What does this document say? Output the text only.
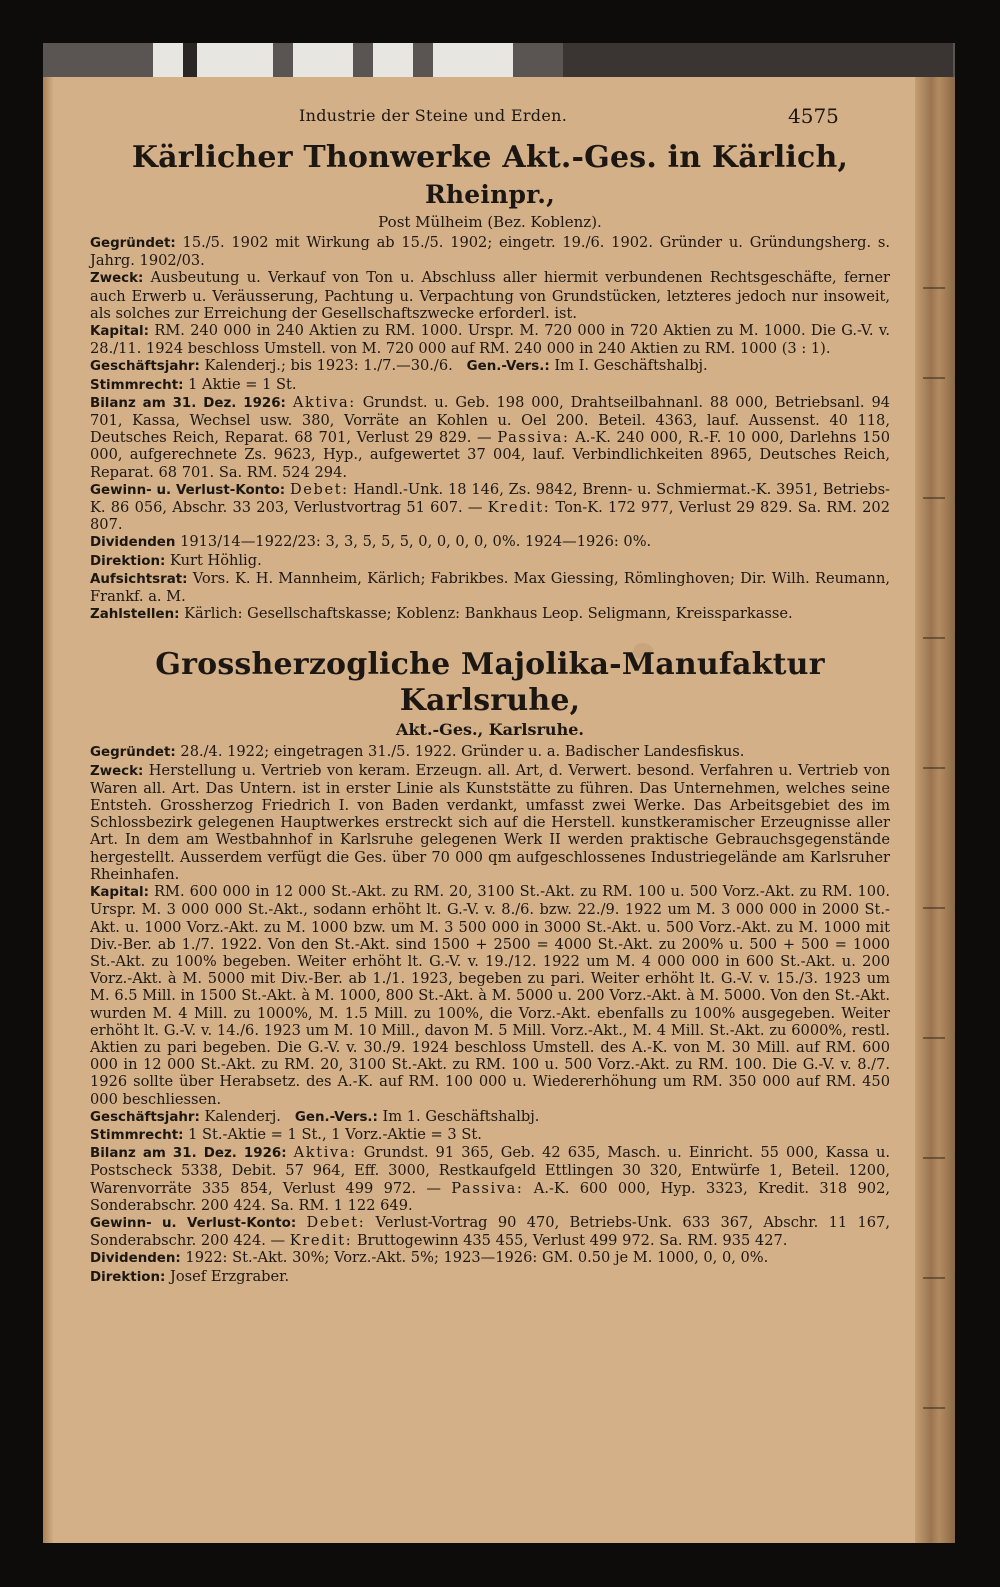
Industrie der Steine und Erden.	4575
Kärlicher Thonwerke Akt.-Ges. in Kärlich, Rheinpr.,

Post Mülheim (Bez. Koblenz).

Gegründet: 15./5. 1902 mit Wirkung ab 15./5. 1902; eingetr. 19./6. 1902. Gründer u. Gründungsherg. s. Jahrg. 1902/03.

Zweck: Ausbeutung u. Verkauf von Ton u. Abschluss aller hiermit verbundenen Rechtsgeschäfte, ferner auch Erwerb u. Veräusserung, Pachtung u. Verpachtung von Grundstücken, letzteres jedoch nur insoweit, als solches zur Erreichung der Gesellschaftszwecke erforderl. ist.

Kapital: RM. 240 000 in 240 Aktien zu RM. 1000. Urspr. M. 720 000 in 720 Aktien zu M. 1000. Die G.-V. v. 28./11. 1924 beschloss Umstell. von M. 720 000 auf RM. 240 000 in 240 Aktien zu RM. 1000 (3 : 1).

Geschäftsjahr: Kalenderj.; bis 1923: 1./7.—30./6. Gen.-Vers.: Im I. Geschäftshalbj.

Stimmrecht: 1 Aktie = 1 St.

Bilanz am 31. Dez. 1926: Aktiva: Grundst. u. Geb. 198 000, Drahtseilbahnanl. 88 000, Betriebsanl. 94 701, Kassa, Wechsel usw. 380, Vorräte an Kohlen u. Oel 200. Beteil. 4363, lauf. Aussenst. 40 118, Deutsches Reich, Reparat. 68 701, Verlust 29 829. — Passiva: A.-K. 240 000, R.-F. 10 000, Darlehns 150 000, aufgerechnete Zs. 9623, Hyp., aufgewertet 37 004, lauf. Verbindlichkeiten 8965, Deutsches Reich, Reparat. 68 701. Sa. RM. 524 294.

Gewinn- u. Verlust-Konto: Debet: Handl.-Unk. 18 146, Zs. 9842, Brenn- u. Schmiermat.-K. 3951, Betriebs-K. 86 056, Abschr. 33 203, Verlustvortrag 51 607. — Kredit: Ton-K. 172 977, Verlust 29 829. Sa. RM. 202 807.

Dividenden 1913/14—1922/23: 3, 3, 5, 5, 5, 0, 0, 0, 0, 0%. 1924—1926: 0%.

Direktion: Kurt Höhlig.

Aufsichtsrat: Vors. K. H. Mannheim, Kärlich; Fabrikbes. Max Giessing, Römlinghoven; Dir. Wilh. Reumann, Frankf. a. M.

Zahlstellen: Kärlich: Gesellschaftskasse; Koblenz: Bankhaus Leop. Seligmann, Kreissparkasse.

Grossherzogliche Majolika-Manufaktur Karlsruhe,

Akt.-Ges., Karlsruhe.

Gegründet: 28./4. 1922; eingetragen 31./5. 1922. Gründer u. a. Badischer Landesfiskus.

Zweck: Herstellung u. Vertrieb von keram. Erzeugn. all. Art, d. Verwert. besond. Verfahren u. Vertrieb von Waren all. Art. Das Untern. ist in erster Linie als Kunststätte zu führen. Das Unternehmen, welches seine Entsteh. Grossherzog Friedrich I. von Baden verdankt, umfasst zwei Werke. Das Arbeitsgebiet des im Schlossbezirk gelegenen Hauptwerkes erstreckt sich auf die Herstell. kunstkeramischer Erzeugnisse aller Art. In dem am Westbahnhof in Karlsruhe gelegenen Werk II werden praktische Gebrauchsgegenstände hergestellt. Ausserdem verfügt die Ges. über 70 000 qm aufgeschlossenes Industriegelände am Karlsruher Rheinhafen.

Kapital: RM. 600 000 in 12 000 St.-Akt. zu RM. 20, 3100 St.-Akt. zu RM. 100 u. 500 Vorz.-Akt. zu RM. 100. Urspr. M. 3 000 000 St.-Akt., sodann erhöht lt. G.-V. v. 8./6. bzw. 22./9. 1922 um M. 3 000 000 in 2000 St.-Akt. u. 1000 Vorz.-Akt. zu M. 1000 bzw. um M. 3 500 000 in 3000 St.-Akt. u. 500 Vorz.-Akt. zu M. 1000 mit Div.-Ber. ab 1./7. 1922. Von den St.-Akt. sind 1500 + 2500 = 4000 St.-Akt. zu 200% u. 500 + 500 = 1000 St.-Akt. zu 100% begeben. Weiter erhöht lt. G.-V. v. 19./12. 1922 um M. 4 000 000 in 600 St.-Akt. u. 200 Vorz.-Akt. à M. 5000 mit Div.-Ber. ab 1./1. 1923, begeben zu pari. Weiter erhöht lt. G.-V. v. 15./3. 1923 um M. 6.5 Mill. in 1500 St.-Akt. à M. 1000, 800 St.-Akt. à M. 5000 u. 200 Vorz.-Akt. à M. 5000. Von den St.-Akt. wurden M. 4 Mill. zu 1000%, M. 1.5 Mill. zu 100%, die Vorz.-Akt. ebenfalls zu 100% ausgegeben. Weiter erhöht lt. G.-V. v. 14./6. 1923 um M. 10 Mill., davon M. 5 Mill. Vorz.-Akt., M. 4 Mill. St.-Akt. zu 6000%, restl. Aktien zu pari begeben. Die G.-V. v. 30./9. 1924 beschloss Umstell. des A.-K. von M. 30 Mill. auf RM. 600 000 in 12 000 St.-Akt. zu RM. 20, 3100 St.-Akt. zu RM. 100 u. 500 Vorz.-Akt. zu RM. 100. Die G.-V. v. 8./7. 1926 sollte über Herabsetz. des A.-K. auf RM. 100 000 u. Wiedererhöhung um RM. 350 000 auf RM. 450 000 beschliessen.

Geschäftsjahr: Kalenderj. Gen.-Vers.: Im 1. Geschäftshalbj.

Stimmrecht: 1 St.-Aktie = 1 St., 1 Vorz.-Aktie = 3 St.

Bilanz am 31. Dez. 1926: Aktiva: Grundst. 91 365, Geb. 42 635, Masch. u. Einricht. 55 000, Kassa u. Postscheck 5338, Debit. 57 964, Eff. 3000, Restkaufgeld Ettlingen 30 320, Entwürfe 1, Beteil. 1200, Warenvorräte 335 854, Verlust 499 972. — Passiva: A.-K. 600 000, Hyp. 3323, Kredit. 318 902, Sonderabschr. 200 424. Sa. RM. 1 122 649.

Gewinn- u. Verlust-Konto: Debet: Verlust-Vortrag 90 470, Betriebs-Unk. 633 367, Abschr. 11 167, Sonderabschr. 200 424. — Kredit: Bruttogewinn 435 455, Verlust 499 972. Sa. RM. 935 427.

Dividenden: 1922: St.-Akt. 30%; Vorz.-Akt. 5%; 1923—1926: GM. 0.50 je M. 1000, 0, 0, 0%.

Direktion: Josef Erzgraber.
